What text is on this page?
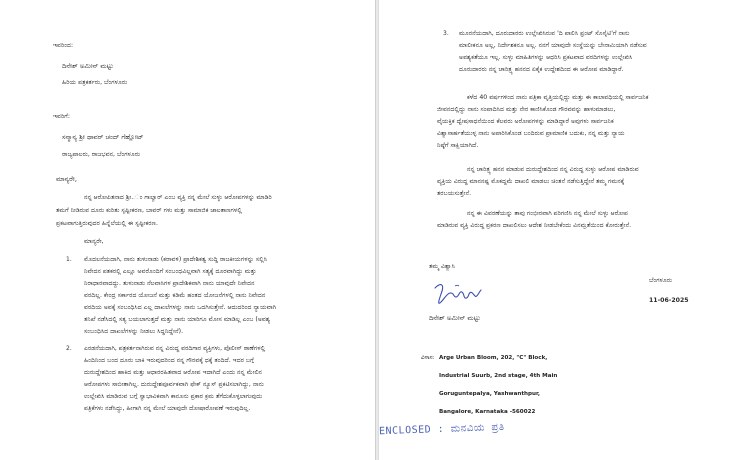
ಇವರಿಂದ:
ದಿನೇಶ್ ಅಮೀನ್ ಮಟ್ಟು
ಹಿರಿಯ ಪತ್ರಕರ್ತರು, ಬೆಂಗಳೂರು
ಇವರಿಗೆ:
ಸನ್ಮಾನ್ಯ ಶ್ರೀ ಥಾವರ್ ಚಂದ್ ಗೆಹ್ಲೋಟ್
ರಾಜ್ಯಪಾಲರು, ರಾಜಭವನ, ಬೆಂಗಳೂರು
ಮಾನ್ಯರೇ,
ನನ್ನ ಆರೋಪಿತನಾದ ಶ್ರೀ..ಂ ಗಾಲ್ವಾರ್ ಎಂಬ ವ್ಯಕ್ತಿ ನನ್ನ ಮೇಲೆ ಸುಳ್ಳು ಆರೋಪಗಳನ್ನು ಮಾಡಿರಿ
ತಮಗೆ ನೀಡಿರುವ ದೂರು ಕುರಿತು ಸ್ಪಷ್ಟೀಕರಣ, ಬಾವರ್ ಗಳು ಮತ್ತು ಸಾಮಾಜಿಕ ಜಾಲತಾಣಗಳಲ್ಲಿ
ಪ್ರಕಟವಾಗುತ್ತಿರುವುದರ ಹಿನ್ನೆಲೆಯಲ್ಲಿ ಈ ಸ್ಪಷ್ಟೀಕರಣ.
ಮಾನ್ಯರೇ,
1. ಮೊದಲನೆಯದಾಗಿ, ನಾನು ತುಳುನಾಡು (ಕರಾವಳಿ) ಪ್ರಾದೇಶಿಕತ್ವ ಸುದ್ದಿ ರಾಜಕೀಯಗಳನ್ನು ಸಲ್ಲಿಸಿ
ನಿವೇದನ ಪತಕರಲ್ಲಿ ಎಲ್ಲೂ ಅವರೊಂದಿಗೆ ಸಂಬಂಧವಿಲ್ಲವಾಗಿ ಸತ್ಯಕ್ಕೆ ದೂರವಾಗಿದ್ದು ಮತ್ತು
ನಿರಾಧಾರವಾದದ್ದು. ತುಳುನಾಡು ನೆಲವಾಸಿಗಳ ಪ್ರಾದೇಶಿಕವಾಗಿ ನಾನು ಯಾವುದೇ ನಿವೇದನ
ವರದಿಲ್ಲ. ಕೇಂದ್ರ ಸರ್ಕಾರದ ಯೋಜನೆ ಮತ್ತು ಕಡಿಮೆ ಹಂತದ ಯೋಜನೆಗಳಲ್ಲಿ ನಾನು ನಿವೇದನ
ವರದಿಯ ಅವಕ್ಕೆ ಸಂಬಂಧಿಸಿದ ಎಲ್ಲ ದಾಖಲೆಗಳನ್ನು ನಾನು ಒದಗಿಸುತ್ತೇನೆ. ಆದುದರಿಂದ ನ್ಯಾಯವಾಗಿ
ತನಿಖೆ ನಡೆಸಿದಲ್ಲಿ ಸತ್ಯ ಬಯಲಾಗುತ್ತದೆ ಮತ್ತು ನಾನು ಯಾರಿಗೂ ಮೋಸ ಮಾಡಿಲ್ಲ ಎಂಬ (ಅವಶ್ಯ
ಸಂಬಂಧಿಸಿದ ದಾಖಲೆಗಳನ್ನು ನೀಡಲು ಸಿದ್ಧನಿದ್ದೇನೆ).
2. ಎರಡನೆಯದಾಗಿ, ಪತ್ರಕರ್ತನಾಗಿರುವ ನನ್ನ ವಿರುದ್ಧ ವರದಿಗಾರ ವ್ಯಕ್ತಿಗಳು, ಪೊಲೀಸ್ ಠಾಣೆಗಳಲ್ಲಿ
ಹಿಂದಿನಿಂದ ಬಂದ ದೂರು ಬಾಕಿ ಇರುವುದರಿಂದ ನನ್ನ ಗೌರವಕ್ಕೆ ಧಕ್ಕೆ ತಂದಿದೆ. ಇದರ ಬಗ್ಗೆ
ದುರುದ್ದೇಶದಿಂದ ಹಾಕಿದ ಮತ್ತು ಆಧಾರರಹಿತವಾದ ಆರೋಪ ಇದಾಗಿದೆ ಎಂದು ನನ್ನ ಮೇಲಿನ
ಆರೋಪಗಳು ಸಾಬೀತಾಗಿಲ್ಲ. ದುರುದ್ದೇಶಪೂರ್ವಕವಾಗಿ ಫೇಕ್ ನ್ಯೂಸ್ ಪ್ರಕಟಿಸಲಾಗಿದ್ದು, ನಾನು
ಉಲ್ಲೇಖಿಸಿ ಮಾಡಿರುವ ಬಗ್ಗೆ ಸ್ವಾಭಾವಿಕವಾಗಿ ಕಾನೂನು ಪ್ರಕಾರ ಕ್ರಮ ತೆಗೆದುಕೊಳ್ಳಲಾಗುವುದು
ಪತ್ರಿಕೆಗಳು ನಡೆಸಿದ್ದು, ಹೀಗಾಗಿ ನನ್ನ ಮೇಲೆ ಯಾವುದೇ ದೋಷಾರೋಪಣೆ ಇರುವುದಿಲ್ಲ.
3. ಮೂರನೆಯದಾಗಿ, ದೂರುದಾರರು ಉಲ್ಲೇಖಿಸಿರುವ 'ದಿ ಪಾಲಿಸಿ ಫ್ರಂಟ್ ಸೊಸೈಟಿ'ಗೆ ನಾನು
ಮಾಲೀಕನೂ ಅಲ್ಲ, ನಿರ್ದೇಶಕನೂ ಅಲ್ಲ. ನನಗೆ ಯಾವುದೇ ಸಂಸ್ಥೆಯನ್ನು ಬೇನಾಮಿಯಾಗಿ ನಡೆಸುವ
ಅವಶ್ಯಕತೆಯೂ ಇಲ್ಲ. ಸುಳ್ಳು ಮಾಹಿತಿಗಳನ್ನು ಆಧರಿಸಿ ಪ್ರಕಟವಾದ ವರದಿಗಳನ್ನು ಉಲ್ಲೇಖಿಸಿ
ದೂರುದಾರರು ನನ್ನ ಚಾರಿತ್ರ್ಯ ಹನನದ ಏಕೈಕ ಉದ್ದೇಶದಿಂದ ಈ ಆರೋಪ ಮಾಡಿದ್ದಾರೆ.
ಕಳೆದ 40 ವರ್ಷಗಳಿಂದ ನಾನು ಪತ್ರಿಕಾ ವೃತ್ತಿಯಲ್ಲಿದ್ದು ಮತ್ತು ಈ ಕಾಲಾವಧಿಯಲ್ಲಿ ಸಾರ್ವಜನಿಕ
ಜೀವನದಲ್ಲಿದ್ದು ನಾನು ಸಂಪಾದಿಸಿದ ಮತ್ತು ನೇರ ಕಾಣಿಸಿಕೊಂಡ ಗೌರವವನ್ನು ಹಾಳುಮಾಡಲು,
ವೈಯಕ್ತಿಕ ದ್ವೇಷಸಾಧನೆಯಿಂದ ಕೆಲವರು ಅರೋಪಗಳನ್ನು ಮಾಡಿದ್ದಾರೆ ಅವುಗಳು ಸಾರ್ವಜನಿಕ
ವಿಶ್ವಾಸಾರ್ಹತೆಯುಳ್ಳ ನಾನು ಅಪಾರಿಸಿಕೊಂಡ ಬಂದಿರುವ ಪ್ರಾಮಾಣಿಕ ಬದುಕು, ನನ್ನ ಮತ್ತು ನ್ಯಾಯ
ನಿಷ್ಠೆಗೆ ಸಾಕ್ಷಿಯಾಗಿದೆ.
ನನ್ನ ಚಾರಿತ್ರ್ಯ ಹನನ ಮಾಡುವ ದುರುದ್ದೇಶದಿಂದ ನನ್ನ ವಿರುದ್ಧ ಸುಳ್ಳು ಆರೋಪ ಮಾಡಿರುವ
ವ್ಯಕ್ತಿಯ ವಿರುದ್ಧ ಮಾನನಷ್ಟ ಮೊಕದ್ದಮೆ ದಾಖಲಿ ಮಾಡಲು ಚಿಂತನೆ ನಡೆಸುತ್ತಿದ್ದೇನೆ ತಮ್ಮ ಗಮನಕ್ಕೆ
ತರಬಯಸುತ್ತೇನೆ.
ನನ್ನ ಈ ವಿವರಣೆಯನ್ನು ತಾವು ಗಂಭೀರವಾಗಿ ಪರಿಗಣಿಸಿ ನನ್ನ ಮೇಲೆ ಸುಳ್ಳು ಆರೋಪ
ಮಾಡಿರುವ ವ್ಯಕ್ತಿ ವಿರುದ್ಧ ಪ್ರಕರಣ ದಾಖಲಿಸಲು ಆದೇಶ ನೀಡಬೇಕೆಂದು ವಿನಮ್ರತೆಯಿಂದ ಕೋರುತ್ತೇನೆ.
ತಮ್ಮ ವಿಶ್ವಾಸಿ
ಬೆಂಗಳೂರು
11-06-2025
ದಿನೇಶ್ ಅಮೀನ್ ಮಟ್ಟು
ವಿಳಾಸ: Arge Urban Bloom, 202, "C" Block,
Industrial Suurb, 2nd stage, 4th Main
Goruguntepalya, Yashwanthpur,
Bangalore, Karnataka -560022
ENCLOSED : ಮನವಿಯ ಪ್ರತಿ
